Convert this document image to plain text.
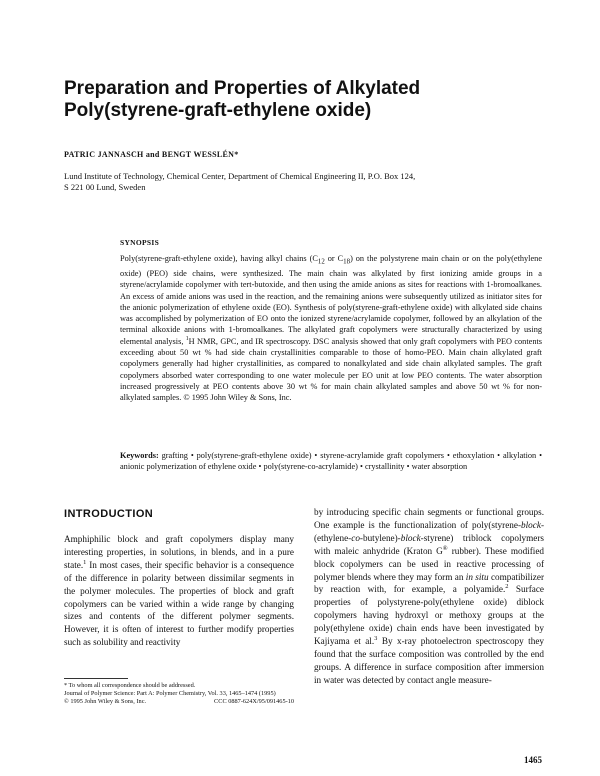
Preparation and Properties of Alkylated
Poly(styrene-graft-ethylene oxide)
PATRIC JANNASCH and BENGT WESSLÉN*
Lund Institute of Technology, Chemical Center, Department of Chemical Engineering II, P.O. Box 124,
S 221 00 Lund, Sweden
SYNOPSIS

Poly(styrene-graft-ethylene oxide), having alkyl chains ($C_{12}$ or $C_{18}$) on the polystyrene main chain or on the poly(ethylene oxide) (PEO) side chains, were synthesized. The main chain was alkylated by first ionizing amide groups in a styrene/acrylamide copolymer with tert-butoxide, and then using the amide anions as sites for reactions with 1-bromoalkanes. An excess of amide anions was used in the reaction, and the remaining anions were subsequently utilized as initiator sites for the anionic polymerization of ethylene oxide (EO). Synthesis of poly(styrene-graft-ethylene oxide) with alkylated side chains was accomplished by polymerization of EO onto the ionized styrene/acrylamide copolymer, followed by an alkylation of the terminal alkoxide anions with 1-bromoalkanes. The alkylated graft copolymers were structurally characterized by using elemental analysis, $^1$H NMR, GPC, and IR spectroscopy. DSC analysis showed that only graft copolymers with PEO contents exceeding about 50 wt % had side chain crystallinities comparable to those of homo-PEO. Main chain alkylated graft copolymers generally had higher crystallinities, as compared to nonalkylated and side chain alkylated samples. The graft copolymers absorbed water corresponding to one water molecule per EO unit at low PEO contents. The water absorption increased progressively at PEO contents above 30 wt % for main chain alkylated samples and above 50 wt % for non-alkylated samples. © 1995 John Wiley & Sons, Inc.

Keywords: grafting • poly(styrene-graft-ethylene oxide) • styrene-acrylamide graft copolymers • ethoxylation • alkylation • anionic polymerization of ethylene oxide • poly(styrene-co-acrylamide) • crystallinity • water absorption

INTRODUCTION

Amphiphilic block and graft copolymers display many interesting properties, in solutions, in blends, and in a pure state.$^1$ In most cases, their specific behavior is a consequence of the difference in polarity between dissimilar segments in the polymer molecules. The properties of block and graft copolymers can be varied within a wide range by changing sizes and contents of the different polymer segments. However, it is often of interest to further modify properties such as solubility and reactivity

by introducing specific chain segments or functional groups. One example is the functionalization of poly(styrene-block-(ethylene-co-butylene)-block-styrene) triblock copolymers with maleic anhydride (Kraton G® rubber). These modified block copolymers can be used in reactive processing of polymer blends where they may form an in situ compatibilizer by reaction with, for example, a polyamide.$^2$ Surface properties of polystyrene-poly(ethylene oxide) diblock copolymers having hydroxyl or methoxy groups at the poly(ethylene oxide) chain ends have been investigated by Kajiyama et al.$^3$ By x-ray photoelectron spectroscopy they found that the surface composition was controlled by the end groups. A difference in surface composition after immersion in water was detected by contact angle measure-

* To whom all correspondence should be addressed.
Journal of Polymer Science: Part A: Polymer Chemistry, Vol. 33, 1465–1474 (1995)
© 1995 John Wiley & Sons, Inc.	CCC 0887-624X/95/091465-10
1465
